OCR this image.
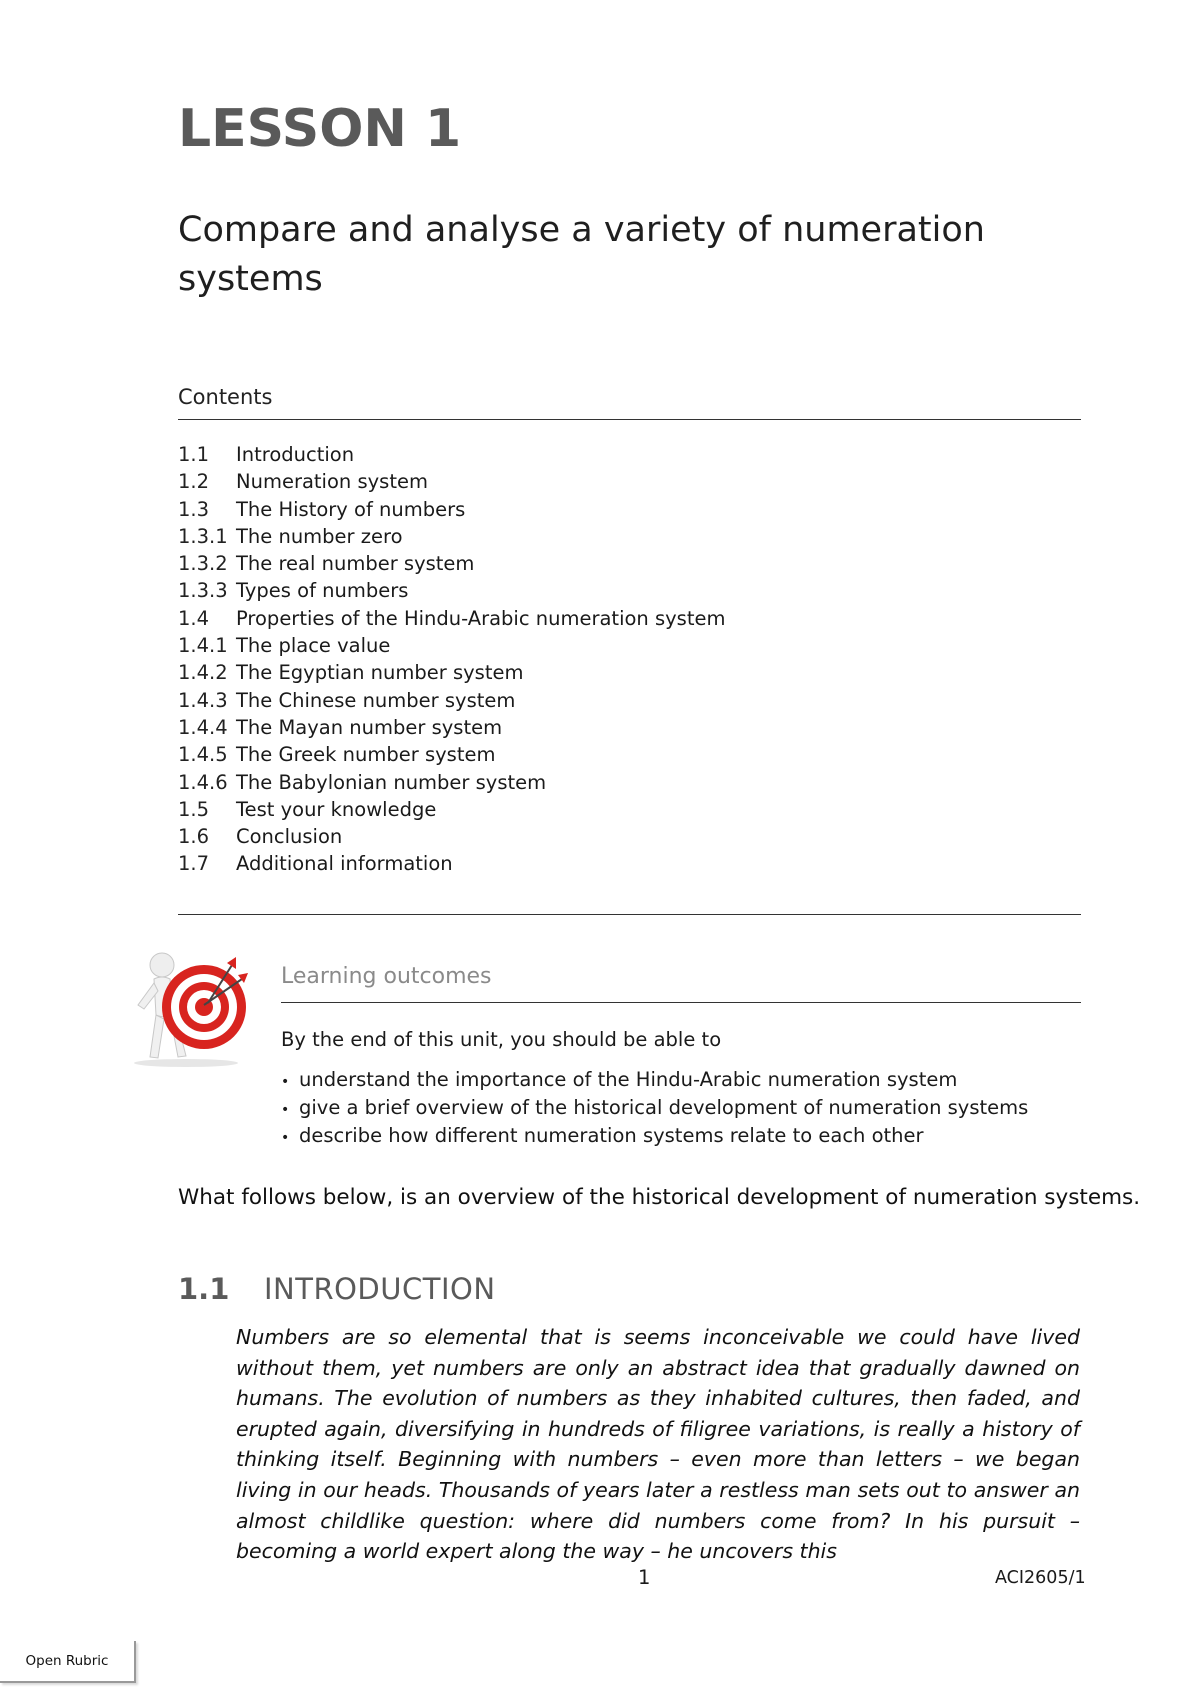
LESSON 1
Compare and analyse a variety of numeration systems

Contents

1.1 Introduction
1.2 Numeration system
1.3 The History of numbers
1.3.1 The number zero
1.3.2 The real number system
1.3.3 Types of numbers
1.4 Properties of the Hindu-Arabic numeration system
1.4.1 The place value
1.4.2 The Egyptian number system
1.4.3 The Chinese number system
1.4.4 The Mayan number system
1.4.5 The Greek number system
1.4.6 The Babylonian number system
1.5 Test your knowledge
1.6 Conclusion
1.7 Additional information

Learning outcomes

By the end of this unit, you should be able to

• understand the importance of the Hindu-Arabic numeration system
• give a brief overview of the historical development of numeration systems
• describe how different numeration systems relate to each other

What follows below, is an overview of the historical development of numeration systems.

1.1 INTRODUCTION

Numbers are so elemental that is seems inconceivable we could have lived without them, yet numbers are only an abstract idea that gradually dawned on humans. The evolution of numbers as they inhabited cultures, then faded, and erupted again, diversifying in hundreds of filigree variations, is really a history of thinking itself. Beginning with numbers – even more than letters – we began living in our heads. Thousands of years later a restless man sets out to answer an almost childlike question: where did numbers come from? In his pursuit – becoming a world expert along the way – he uncovers this

1	ACI2605/1

Open Rubric
